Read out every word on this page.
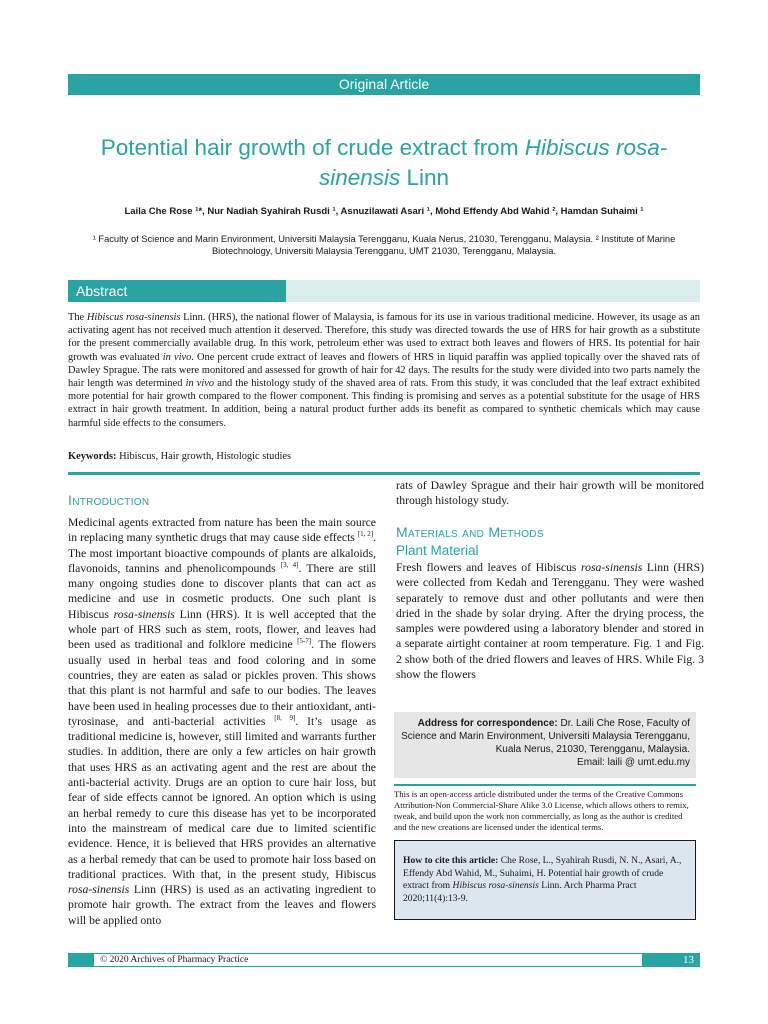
Original Article
Potential hair growth of crude extract from Hibiscus rosa-sinensis Linn
Laila Che Rose ¹*, Nur Nadiah Syahirah Rusdi ¹, Asnuzilawati Asari ¹, Mohd Effendy Abd Wahid ², Hamdan Suhaimi ¹
¹ Faculty of Science and Marin Environment, Universiti Malaysia Terengganu, Kuala Nerus, 21030, Terengganu, Malaysia. ² Institute of Marine Biotechnology, Universiti Malaysia Terengganu, UMT 21030, Terengganu, Malaysia.
Abstract
The Hibiscus rosa-sinensis Linn. (HRS), the national flower of Malaysia, is famous for its use in various traditional medicine. However, its usage as an activating agent has not received much attention it deserved. Therefore, this study was directed towards the use of HRS for hair growth as a substitute for the present commercially available drug. In this work, petroleum ether was used to extract both leaves and flowers of HRS. Its potential for hair growth was evaluated in vivo. One percent crude extract of leaves and flowers of HRS in liquid paraffin was applied topically over the shaved rats of Dawley Sprague. The rats were monitored and assessed for growth of hair for 42 days. The results for the study were divided into two parts namely the hair length was determined in vivo and the histology study of the shaved area of rats. From this study, it was concluded that the leaf extract exhibited more potential for hair growth compared to the flower component. This finding is promising and serves as a potential substitute for the usage of HRS extract in hair growth treatment. In addition, being a natural product further adds its benefit as compared to synthetic chemicals which may cause harmful side effects to the consumers.
Keywords: Hibiscus, Hair growth, Histologic studies
Introduction
Medicinal agents extracted from nature has been the main source in replacing many synthetic drugs that may cause side effects [1, 2]. The most important bioactive compounds of plants are alkaloids, flavonoids, tannins and phenolicompounds [3, 4]. There are still many ongoing studies done to discover plants that can act as medicine and use in cosmetic products. One such plant is Hibiscus rosa-sinensis Linn (HRS). It is well accepted that the whole part of HRS such as stem, roots, flower, and leaves had been used as traditional and folklore medicine [5-7]. The flowers usually used in herbal teas and food coloring and in some countries, they are eaten as salad or pickles proven. This shows that this plant is not harmful and safe to our bodies. The leaves have been used in healing processes due to their antioxidant, anti-tyrosinase, and anti-bacterial activities [8, 9]. It’s usage as traditional medicine is, however, still limited and warrants further studies. In addition, there are only a few articles on hair growth that uses HRS as an activating agent and the rest are about the anti-bacterial activity. Drugs are an option to cure hair loss, but fear of side effects cannot be ignored. An option which is using an herbal remedy to cure this disease has yet to be incorporated into the mainstream of medical care due to limited scientific evidence. Hence, it is believed that HRS provides an alternative as a herbal remedy that can be used to promote hair loss based on traditional practices. With that, in the present study, Hibiscus rosa-sinensis Linn (HRS) is used as an activating ingredient to promote hair growth. The extract from the leaves and flowers will be applied onto
rats of Dawley Sprague and their hair growth will be monitored through histology study.
Materials and Methods
Plant Material
Fresh flowers and leaves of Hibiscus rosa-sinensis Linn (HRS) were collected from Kedah and Terengganu. They were washed separately to remove dust and other pollutants and were then dried in the shade by solar drying. After the drying process, the samples were powdered using a laboratory blender and stored in a separate airtight container at room temperature. Fig. 1 and Fig. 2 show both of the dried flowers and leaves of HRS. While Fig. 3 show the flowers
Address for correspondence: Dr. Laili Che Rose, Faculty of Science and Marin Environment, Universiti Malaysia Terengganu, Kuala Nerus, 21030, Terengganu, Malaysia.
Email: laili @ umt.edu.my
This is an open-access article distributed under the terms of the Creative Commons Attribution-Non Commercial-Share Alike 3.0 License, which allows others to remix, tweak, and build upon the work non commercially, as long as the author is credited and the new creations are licensed under the identical terms.
How to cite this article: Che Rose, L., Syahirah Rusdi, N. N., Asari, A., Effendy Abd Wahid, M., Suhaimi, H. Potential hair growth of crude extract from Hibiscus rosa-sinensis Linn. Arch Pharma Pract 2020;11(4):13-9.
© 2020 Archives of Pharmacy Practice	13
